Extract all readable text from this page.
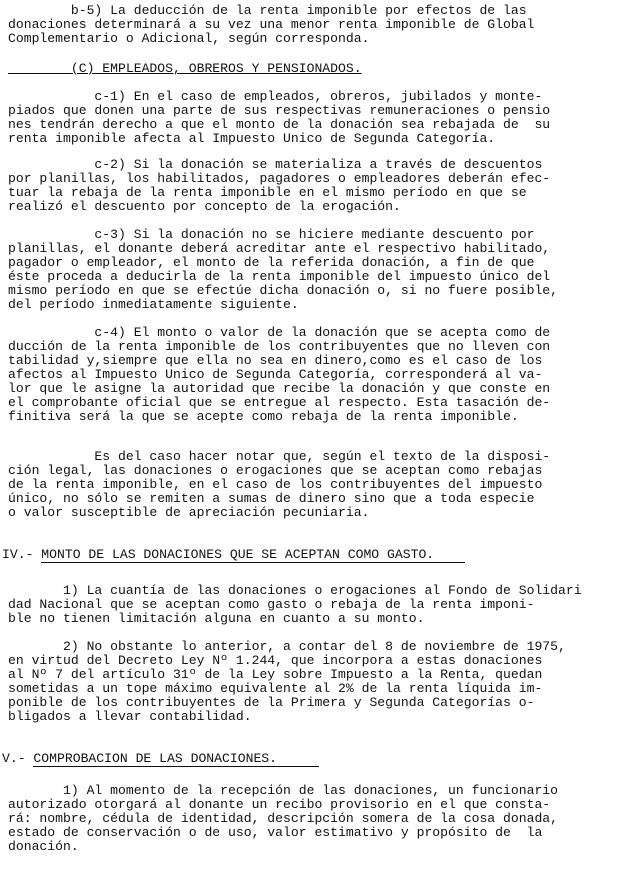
b-5) La deducción de la renta imponible por efectos de las
donaciones determinará a su vez una menor renta imponible de Global
Complementario o Adicional, según corresponda.
(C) EMPLEADOS, OBREROS Y PENSIONADOS.
c-1) En el caso de empleados, obreros, jubilados y monte-
piados que donen una parte de sus respectivas remuneraciones o pensio
nes tendrán derecho a que el monto de la donación sea rebajada de  su
renta imponible afecta al Impuesto Unico de Segunda Categoría.
c-2) Si la donación se materializa a través de descuentos
por planillas, los habilitados, pagadores o empleadores deberán efec-
tuar la rebaja de la renta imponible en el mismo período en que se
realizó el descuento por concepto de la erogación.
c-3) Si la donación no se hiciere mediante descuento por
planillas, el donante deberá acreditar ante el respectivo habilitado,
pagador o empleador, el monto de la referida donación, a fin de que
éste proceda a deducirla de la renta imponible del impuesto único del
mismo período en que se efectúe dicha donación o, si no fuere posible,
del período inmediatamente siguiente.
c-4) El monto o valor de la donación que se acepta como de
ducción de la renta imponible de los contribuyentes que no lleven con
tabilidad y,siempre que ella no sea en dinero,como es el caso de los
afectos al Impuesto Unico de Segunda Categoría, corresponderá al va-
lor que le asigne la autoridad que recibe la donación y que conste en
el comprobante oficial que se entregue al respecto. Esta tasación de-
finitiva será la que se acepte como rebaja de la renta imponible.
Es del caso hacer notar que, según el texto de la disposi-
ción legal, las donaciones o erogaciones que se aceptan como rebajas
de la renta imponible, en el caso de los contribuyentes del impuesto
único, no sólo se remiten a sumas de dinero sino que a toda especie
o valor susceptible de apreciación pecuniaria.
IV.- MONTO DE LAS DONACIONES QUE SE ACEPTAN COMO GASTO.
1) La cuantía de las donaciones o erogaciones al Fondo de Solidari
dad Nacional que se aceptan como gasto o rebaja de la renta imponi-
ble no tienen limitación alguna en cuanto a su monto.
2) No obstante lo anterior, a contar del 8 de noviembre de 1975,
en virtud del Decreto Ley Nº 1.244, que incorpora a estas donaciones
al Nº 7 del artículo 31º de la Ley sobre Impuesto a la Renta, quedan
sometidas a un tope máximo equivalente al 2% de la renta líquida im-
ponible de los contribuyentes de la Primera y Segunda Categorías o-
bligados a llevar contabilidad.
V.- COMPROBACION DE LAS DONACIONES.
1) Al momento de la recepción de las donaciones, un funcionario
autorizado otorgará al donante un recibo provisorio en el que consta-
rá: nombre, cédula de identidad, descripción somera de la cosa donada,
estado de conservación o de uso, valor estimativo y propósito de  la
donación.
